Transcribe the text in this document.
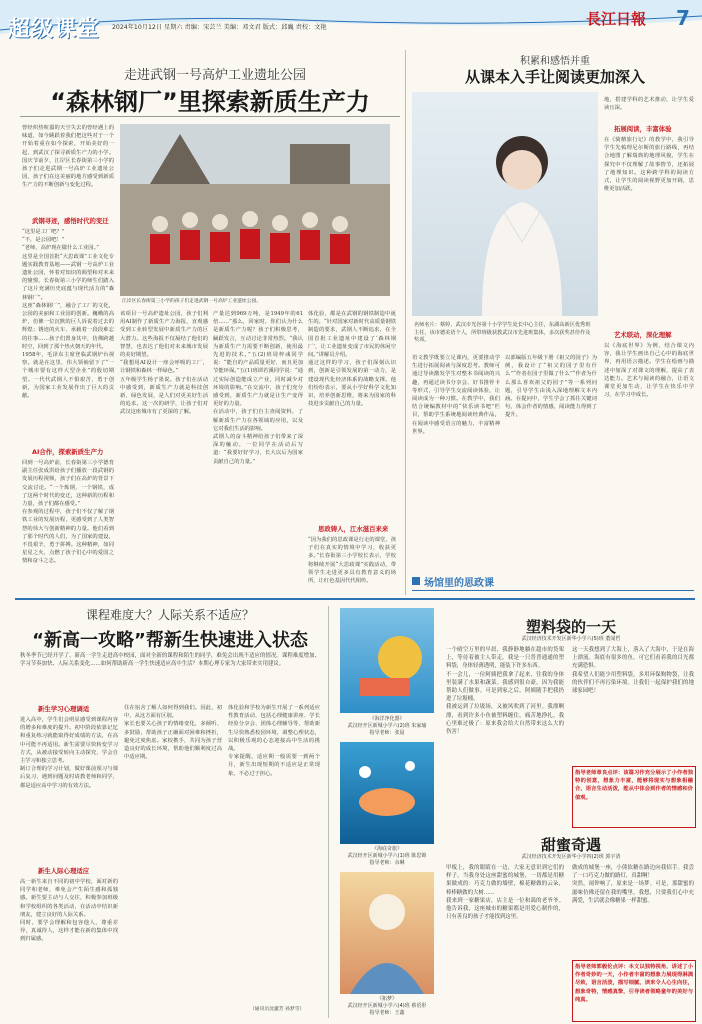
超级课堂 2024年10月12日 星期六 责编：宋芸兰 美编：邓文君 版式：邱巍 责校：文艳	長江日報 7
走进武钢一号高炉工业遗址公园
“森林钢厂”里探索新质生产力
曾经炽热喧嚣的天空失去的曾经遇上的味道，如今跳跃着我们把这些对于一个开始着重在如今探索，开始美好的一起，到武汉了探寻新质生产力的小学。国庆节前夕，江岸区长春街第三小学的孩子们走进武钢一号高炉工业遗址公园，孩子们在这美丽的地方感受到新质生产力的不断创新与变化过程。
武钢寻迹，感悟时代的变迁
“这里是工厂吧？”
“不，是公园吧！”
“老师，高炉现在做什么工业园。”
这里是全国首批“大思政课”工业文化专题实践教育基地——武钢一号高炉工业遗址公园，怀着对知识的渴望和对未来的憧憬，长春街第三小学的师生们踏入了这片充满历史底蕴与现代活力的“森林钢厂”。
这座“森林钢厂”，融合了工厂的文化，公园的美丽和工业园的创新。巍峨的高炉，仿佛一位沉默的巨人诉说着过去的辉煌；锈迹的火车、承载着一段段难忘的往事……孩子们置身其中，仿佛跨越时空，回到了那个热火朝天的年代。
1958年，毛泽东主席登临武钢炉台视察。就是在这里，伟大领袖留下了“一个城市要有这样大型企业”的殷切期望。一代代武钢人不惧艰苦，勇于创新，为国家工业发展作出了巨大的贡献。
AI合作，探索新质生产力
回到一号高炉前，长春街第三小学德育副主任张成洪给孩子们播放一段武钢的发展历程视频，孩子们在高炉的背景下交流讨论。“一个炼钢，一个钢铁，成了这两个时代的变迁，这种新的历程和力量，孩子们都在感受。”
在参观的过程中，孩子们不仅了解了钢铁工业的发展历程，更感受到了人类智慧的伟大与创新精神的力量。他们看到了那个时代的人们，为了国家的建设，不畏艰辛，勇于拼搏。这种精神，如同星星之火，点燃了孩子们心中的爱国之情和奋斗之志。
江岸区长春街第三小学的孩子们走进武钢一号高炉工业遗址公园。
该项目一号高炉遗址公园，孩子们利用AI制作了新质生产力海报，直观感受到工业转型发展中新质生产力的巨大潜力。这些海报不仅凝结了他们的智慧，也表达了他们对未来城市发展的美好期望。
“我想用AI设计一座会呼吸的工厂，让钢铁和森林一样绿色。”
五年级学生杨子墨说。孩子们在活动中感受到，新质生产力就是科技创新、绿色发展，是人们对更美好生活的追求。这一次的研学，让孩子们对武汉这座城市有了更深的了解。
产量达到969万吨，是1949年的61倍……”那么，回家时，你们认为什么是新质生产力呢？孩子们积极思考，踊跃发言，互动讨论非常热烈。“我认为新质生产力需要不断创新，使用最先进的技术。”五(2)班周梓彧同学说：“能自的产品质量更好，而且更加节能环保。”五(1)班谭若溪同学说：“通过实际创造能成立产业，同时减少对环境的影响。”在交流中，孩子们充分感受到，新质生产力就是让生产变得更好的力量。
在活动中，孩子们自主查阅资料，了解新质生产力在各领域的应用，以及它对我们生活的影响。
武钢人的奋斗精神给孩子们带来了深深的触动，一位同学在活动后写道：“我要好好学习，长大以后为国家贡献自己的力量。”
体化验，都是在武钢的钢铁制造中诞生的。“针对国家对新时代高质量钢铁制造的要求，武钢人不断追求，在全国首批工业遗址中建设了‘森林钢厂’，让工业遗址变成了市民的休闲空间。”讲解员介绍。
通过这样的学习，孩子们深刻认识到，创新是引领发展的第一动力，是建设现代化经济体系的战略支撑。他们纷纷表示，要从小学好科学文化知识，培养创新思维，将来为国家的科技进步贡献自己的力量。
思政铸人，江水滋百来来
“因为我们的思政课是行走的课堂，孩子们在真实的情境中学习，收获更多。”长春街第三小学校长表示，学校将继续开展“大思政课”实践活动，带领学生走进更多具有教育意义的场所，让红色基因代代相传。
积累和感悟并重
从课本入手让阅读更加深入
名师名片：蔡婷，武汉市光谷第十小学学生处长中心主任，东湖高新区优秀班主任，该市德美语个人，所带班级获教武汉市先进班集体，多次获奖甚佳作及奖项。
语文教学既要立足课内，更要推动学生进行拓展阅读与深度思考。教师可通过导读激发学生对整本书阅读的兴趣，再通过读书分享会、好书推荐卡等形式，引导学生交流阅读体验，让阅读成为一种习惯。在教学中，我们结合统编教材中的“快乐读书吧”栏目，帮助学生系统地阅读经典作品，在阅读中感受语言的魅力，丰富精神世界。
以部编版五年级下册《祖父的园子》为例，我设计了“祖父的园子里有什么”“作者在园子里做了什么”“作者为什么那么喜欢祖父的园子”等一系列问题，引导学生由浅入深地理解文本内涵。在提问中，学生学会了抓住关键词句，体会作者的情感，阅读能力得到了提升。
地，搭建学科的艺术推动，让学生爱读且深。
拓展阅读，丰富体验
在《骑鹅旅行记》的教学中，我引导学生先梳理尼尔斯的旅行路线，再结合地图了解瑞典的地理风貌，学生在探究中不仅理解了故事情节，还拓展了地理知识。这种跨学科的阅读方式，让学生的阅读视野更加开阔，思维更加活跃。
艺术联动，深化理解
以《海底世界》为例，结合课文内容，我让学生画出自己心中的海底世界，再用语言描述。学生在绘画与描述中加深了对课文的理解，提高了表达能力。艺术与阅读的融合，让语文课堂更加生动，让学生在快乐中学习，在学习中成长。
场馆里的思政课
课程难度大？人际关系不适应？
“新高一攻略”帮新生快速进入状态
秋冬季节已经开学了，新高一学生走进高中校园，面对全新的课程和陌生的同学，难免会出现不适应的情况。课程难度增加、学习节奏加快、人际关系变化……如何帮助新高一学生快速适应高中生活？本期心理专家为大家带来实用建议。
新生学习心理调适
进入高中，学生们会明显感受到课程内容的增多和难度的提升。初中阶段依靠记忆和重复练习就能取得好成绩的方法，在高中可能不再适用。新生需要尽快转变学习方式，从被动接受转向主动探究，学会自主学习和独立思考。
制订合理的学习计划，做好课前预习与课后复习，遇到问题及时请教老师和同学，都是适应高中学习的有效方法。
新生人际心理适应
高一新生来自不同的初中学校，面对新的同学和老师，难免会产生陌生感和孤独感。新生要主动与人交往，积极参加班级和学校组织的各类活动，在活动中结识新朋友，建立良好的人际关系。
同时，要学会理解和包容他人，尊重差异，真诚待人，这样才能在新的集体中找到归属感。
住在宿舍了解人如何得到我们。因此，初中，从这方面有区别。
家长也要关心孩子的情绪变化，多倾听、多鼓励，帮助孩子正确面对困难和挫折，避免过度焦虑。家校携手，共同为孩子营造良好的成长环境，帮助他们顺利度过高中适应期。
体化验和学校为新生开展了一系列适应性教育活动，包括心理健康讲座、学长经验分享会、团体心理辅导等，帮助新生尽快熟悉校园环境，调整心理状态，以积极乐观的心态迎接高中生活的挑战。
专家提醒，适应期一般需要一到两个月，新生出现短期的不适应是正常现象，不必过于担心。
（通讯员沈蕙芳 孙梦雪）
《海洋净化器》
武汉经开区新城小学六(2)班 朱家瑜
指导老师：张晨
《海底奇旅》
武汉经开区新城小学六(1)班 陈思锦
指导老师：余琳
《拓梦》
武汉经开区新城小学六(4)班 蔡语彤
指导老师：王鑫
塑料袋的一天
武汉经济技术开发区新华小学六(5)班 董闻哲
一个晴空万里的早晨，我静静地躺在超市的货架上，等待着被主人带走。我是一只普普通通的塑料袋，身体轻薄透明，能装下许多东西。
不一会儿，一位阿姨把我拿了起来，往我的身体里装满了水果和蔬菜。我感到很自豪，因为我能帮助人们做事。可是到家之后，阿姨随手把我扔进了垃圾桶。
我被运到了垃圾场，又被风吹到了河里。我漂啊漂，看到许多小鱼被塑料缠住，痛苦地挣扎。我心里难过极了：原来我会给大自然带来这么大的伤害！
这一天我想到了大海上，落入了大海中，于是在海上漂流。海底有很多的鱼，可它们看着我的目光都充满恐惧。
我希望人们能少用塑料袋，多用环保购物袋，让我的伙伴们不再污染环境。让我们一起保护我们的地球家园吧！
指导老师章良点评：该篇习作充分展示了小作者独特的创意，想象力丰富，能够将现实与想象相融合，语言生动活泼，能从中体会到作者的情感和价值观。
甜蜜奇遇
武汉经济技术开发区新华小学四(2)班 郭宇清
甲板上，我的眼睛在一边，大家无意识到它们的样子。当我身处这座甜蜜的城堡，一切都是用糖果做成的：巧克力做的墙壁，棉花糖做的云朵，棒棒糖做的大树……
我来到一家糖果店，店主是一位和蔼的老爷爷。他告诉我，这座城市的糖果都是用爱心制作的，只有善良的孩子才能找到这里。
做成的城堡一座，小熊软糖在路边向我招手。我尝了一口巧克力做的路灯，真甜啊！
突然，闹钟响了，原来是一场梦。可是，那甜蜜的滋味仿佛还留在我的嘴里。我想，只要我们心中充满爱，生活就会像糖果一样甜蜜。
指导老师郭毅伦点评：本文以独特视角，讲述了小作者奇妙的一天，小作者丰富的想象力展现得淋漓尽致，语言活泼，描写细腻，读来令人心生向往，想象奇特，情感真挚，引导读者领略童年的美好与纯真。
